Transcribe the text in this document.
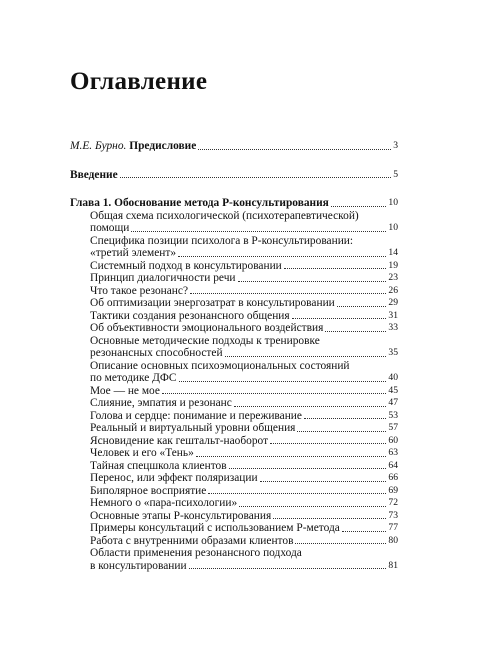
Оглавление
М.Е. Бурно. Предисловие	3
Введение	5
Глава 1. Обоснование метода Р-консультирования	10
Общая схема психологической (психотерапевтической)
помощи	10
Специфика позиции психолога в Р-консультировании:
«третий элемент»	14
Системный подход в консультировании	19
Принцип диалогичности речи	23
Что такое резонанс?	26
Об оптимизации энергозатрат в консультировании	29
Тактики создания резонансного общения	31
Об объективности эмоционального воздействия	33
Основные методические подходы к тренировке
резонансных способностей	35
Описание основных психоэмоциональных состояний
по методике ДФС	40
Мое — не мое	45
Слияние, эмпатия и резонанс	47
Голова и сердце: понимание и переживание	53
Реальный и виртуальный уровни общения	57
Ясновидение как гештальт-наоборот	60
Человек и его «Тень»	63
Тайная спецшкола клиентов	64
Перенос, или эффект поляризации	66
Биполярное восприятие	69
Немного о «пара-психологии»	72
Основные этапы Р-консультирования	73
Примеры консультаций с использованием Р-метода	77
Работа с внутренними образами клиентов	80
Области применения резонансного подхода
в консультировании	81
